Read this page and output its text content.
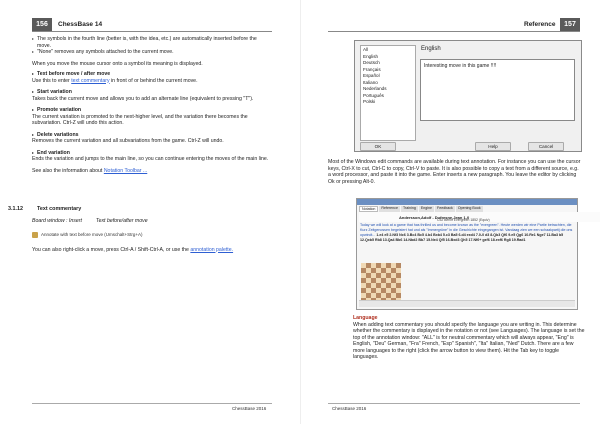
156	ChessBase 14
The symbols in the fourth line (better is, with the idea, etc.) are automatically inserted before the move.
"None" removes any symbols attached to the current move.

When you move the mouse cursor onto a symbol its meaning is displayed.

Text before move / after move
Use this to enter text commentary in front of or behind the current move.
Start variation
Takes back the current move and allows you to add an alternate line (equivalent to pressing "T").
Promote variation
The current variation is promoted to the next-higher level, and the variation there becomes the subvariation. Ctrl-Z will undo this action.
Delete variations
Removes the current variation and all subvariations from the game. Ctrl-Z will undo.
End variation
Ends the variation and jumps to the main line, so you can continue entering the moves of the main line.

See also the information about Notation Toolbar ...

3.1.12	Text commentary
Board window : Insert	Text before/after move
Annotate with text before move (Umschalt+Strg+A)

You can also right-click a move, press Ctrl-A / Shift-Ctrl-A, or use the annotation palette.

ChessBase 2016
Reference	157
All
English
Deutsch
Français
Español
Italiano
Nederlands
Português
Polski
English
Interesting move in this game !!!!
OK	Help	Cancel
Most of the Windows edit commands are available during text annotation. For instance you can use the cursor keys, Ctrl-X to cut, Ctrl-C to copy, Ctrl-V to paste. It is also possible to copy a text from a different source, e.g. a word processor, and paste it into the game. Enter inserts a new paragraph. You leave the editor by clicking Ok or pressing Alt-0.
Notation	Reference	Training	Engine	Feedback	Opening Book
Andersson,Adolf - Dufresne,Jean 1-0
C52 Berlin Evergreen 1852 (Equiv)
Today we will look at a game that has thrilled us and become known as the "evergreen". Heute werden wir eine Partie betrachten, die Kurz Zeitgenossen begeistert hat und als "Immergrüne" in die Geschichte eingegangen ist. Vandaag zien we een schaakpartij die ons opwindt... 1.e4 e5 2.Nf3 Nc6 3.Bc4 Bc5 4.b4 Bxb4 5.c3 Ba5 6.d4 exd4 7.0-0 d3 8.Qb3 Qf6 9.e5 Qg6 10.Re1 Nge7 11.Ba3 b5 12.Qxb5 Rb8 13.Qa4 Bb6 14.Nbd2 Bb7 15.Ne4 Qf5 16.Bxd3 Qh5 17.Nf6+ gxf6 18.exf6 Rg8 19.Rad1
Language
When adding text commentary you should specify the language you are writing in. This determine whether the commentary is displayed in the notation or not (see Languages). The language is set the top of the annotation window: "ALL" is for neutral commentary which will always appear, "Eng" is English, "Deu" German, "Fra" French, "Esp" Spanish", "Ita" Italian, "Ned" Dutch. There are a few more languages to the right (click the arrow button to view them). Hit the Tab key to toggle languages.
ChessBase 2016
